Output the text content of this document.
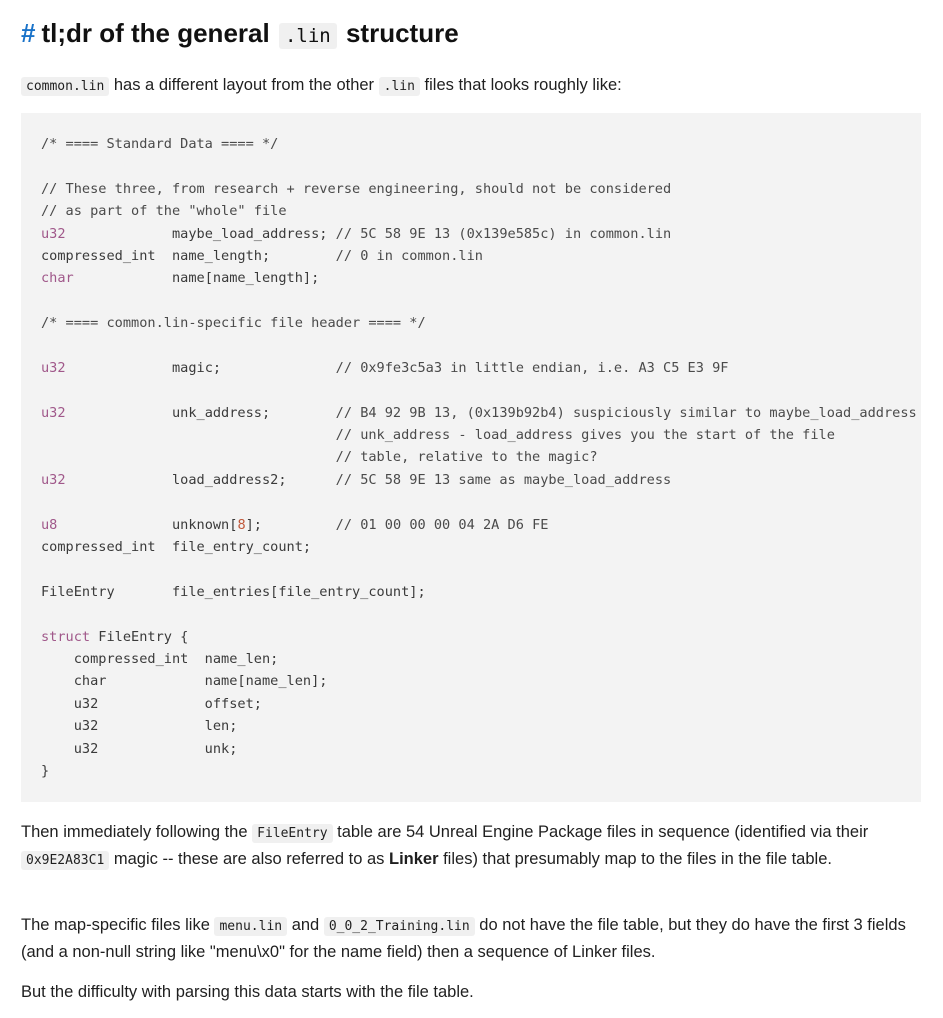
# tl;dr of the general .lin structure

common.lin has a different layout from the other .lin files that looks roughly like:

/* ==== Standard Data ==== */
// These three, from research + reverse engineering, should not be considered
// as part of the "whole" file
u32             maybe_load_address; // 5C 58 9E 13 (0x139e585c) in common.lin
compressed_int  name_length;        // 0 in common.lin
char            name[name_length];
/* ==== common.lin-specific file header ==== */
u32             magic;              // 0x9fe3c5a3 in little endian, i.e. A3 C5 E3 9F
u32             unk_address;        // B4 92 9B 13, (0x139b92b4) suspiciously similar to maybe_load_address
// unk_address - load_address gives you the start of the file
// table, relative to the magic?
u32             load_address2;      // 5C 58 9E 13 same as maybe_load_address
u8              unknown[8];         // 01 00 00 00 04 2A D6 FE
compressed_int  file_entry_count;
FileEntry       file_entries[file_entry_count];
struct FileEntry {
compressed_int  name_len;
char            name[name_len];
u32             offset;
u32             len;
u32             unk;
}

Then immediately following the FileEntry table are 54 Unreal Engine Package files in sequence (identified via their 0x9E2A83C1 magic -- these are also referred to as Linker files) that presumably map to the files in the file table.

The map-specific files like menu.lin and 0_0_2_Training.lin do not have the file table, but they do have the first 3 fields (and a non-null string like "menu\x0" for the name field) then a sequence of Linker files.

But the difficulty with parsing this data starts with the file table.
